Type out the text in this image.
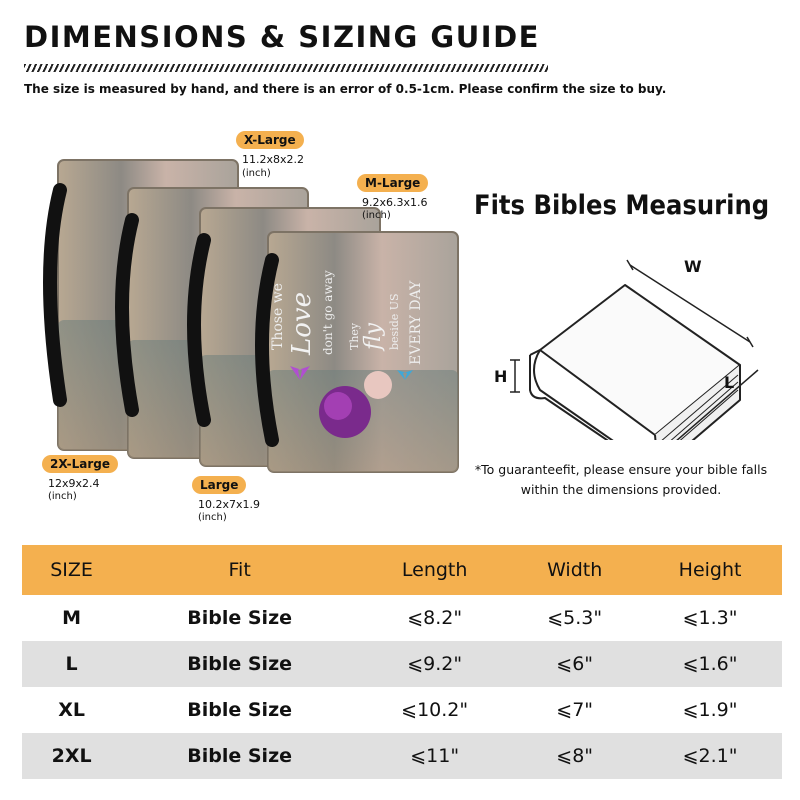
DIMENSIONS & SIZING GUIDE
The size is measured by hand, and there is an error of 0.5-1cm. Please confirm the size to buy.
Those we Love don't go away They fly beside US EVERY DAY
X-Large
11.2x8x2.2
(inch)
M-Large
9.2x6.3x1.6
(inch)
2X-Large
12x9x2.4
(inch)
Large
10.2x7x1.9
(inch)
Fits Bibles Measuring
W
H	L
*To guaranteefit, please ensure your bible falls
within the dimensions provided.
SIZE	Fit	Length	Width	Height
M	Bible Size	⩽8.2"	⩽5.3"	⩽1.3"
L	Bible Size	⩽9.2"	⩽6"	⩽1.6"
XL	Bible Size	⩽10.2"	⩽7"	⩽1.9"
2XL	Bible Size	⩽11"	⩽8"	⩽2.1"
